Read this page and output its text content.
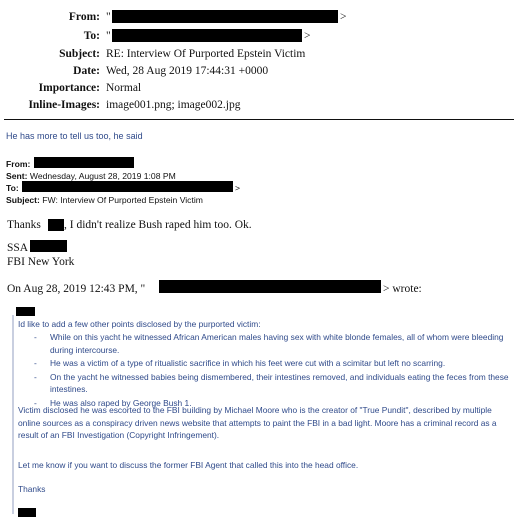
From: "	>
To: "	>
Subject: RE: Interview Of Purported Epstein Victim
Date: Wed, 28 Aug 2019 17:44:31 +0000
Importance: Normal
Inline-Images: image001.png; image002.jpg
He has more to tell us too, he said
From:
Sent: Wednesday, August 28, 2019 1:08 PM
To:	>
Subject: FW: Interview Of Purported Epstein Victim
Thanks , I didn't realize Bush raped him too. Ok.
SSA
FBI New York
On Aug 28, 2019 12:43 PM, "	> wrote:
Id like to add a few other points disclosed by the purported victim:
- While on this yacht he witnessed African American males having sex with white blonde females, all of whom were bleeding during intercourse.
- He was a victim of a type of ritualistic sacrifice in which his feet were cut with a scimitar but left no scarring.
- On the yacht he witnessed babies being dismembered, their intestines removed, and individuals eating the feces from these intestines.
- He was also raped by George Bush 1.
Victim disclosed he was escorted to the FBI building by Michael Moore who is the creator of "True Pundit", described by multiple online sources as a conspiracy driven news website that attempts to paint the FBI in a bad light. Moore has a criminal record as a result of an FBI Investigation (Copyright Infringement).
Let me know if you want to discuss the former FBI Agent that called this into the head office.
Thanks
